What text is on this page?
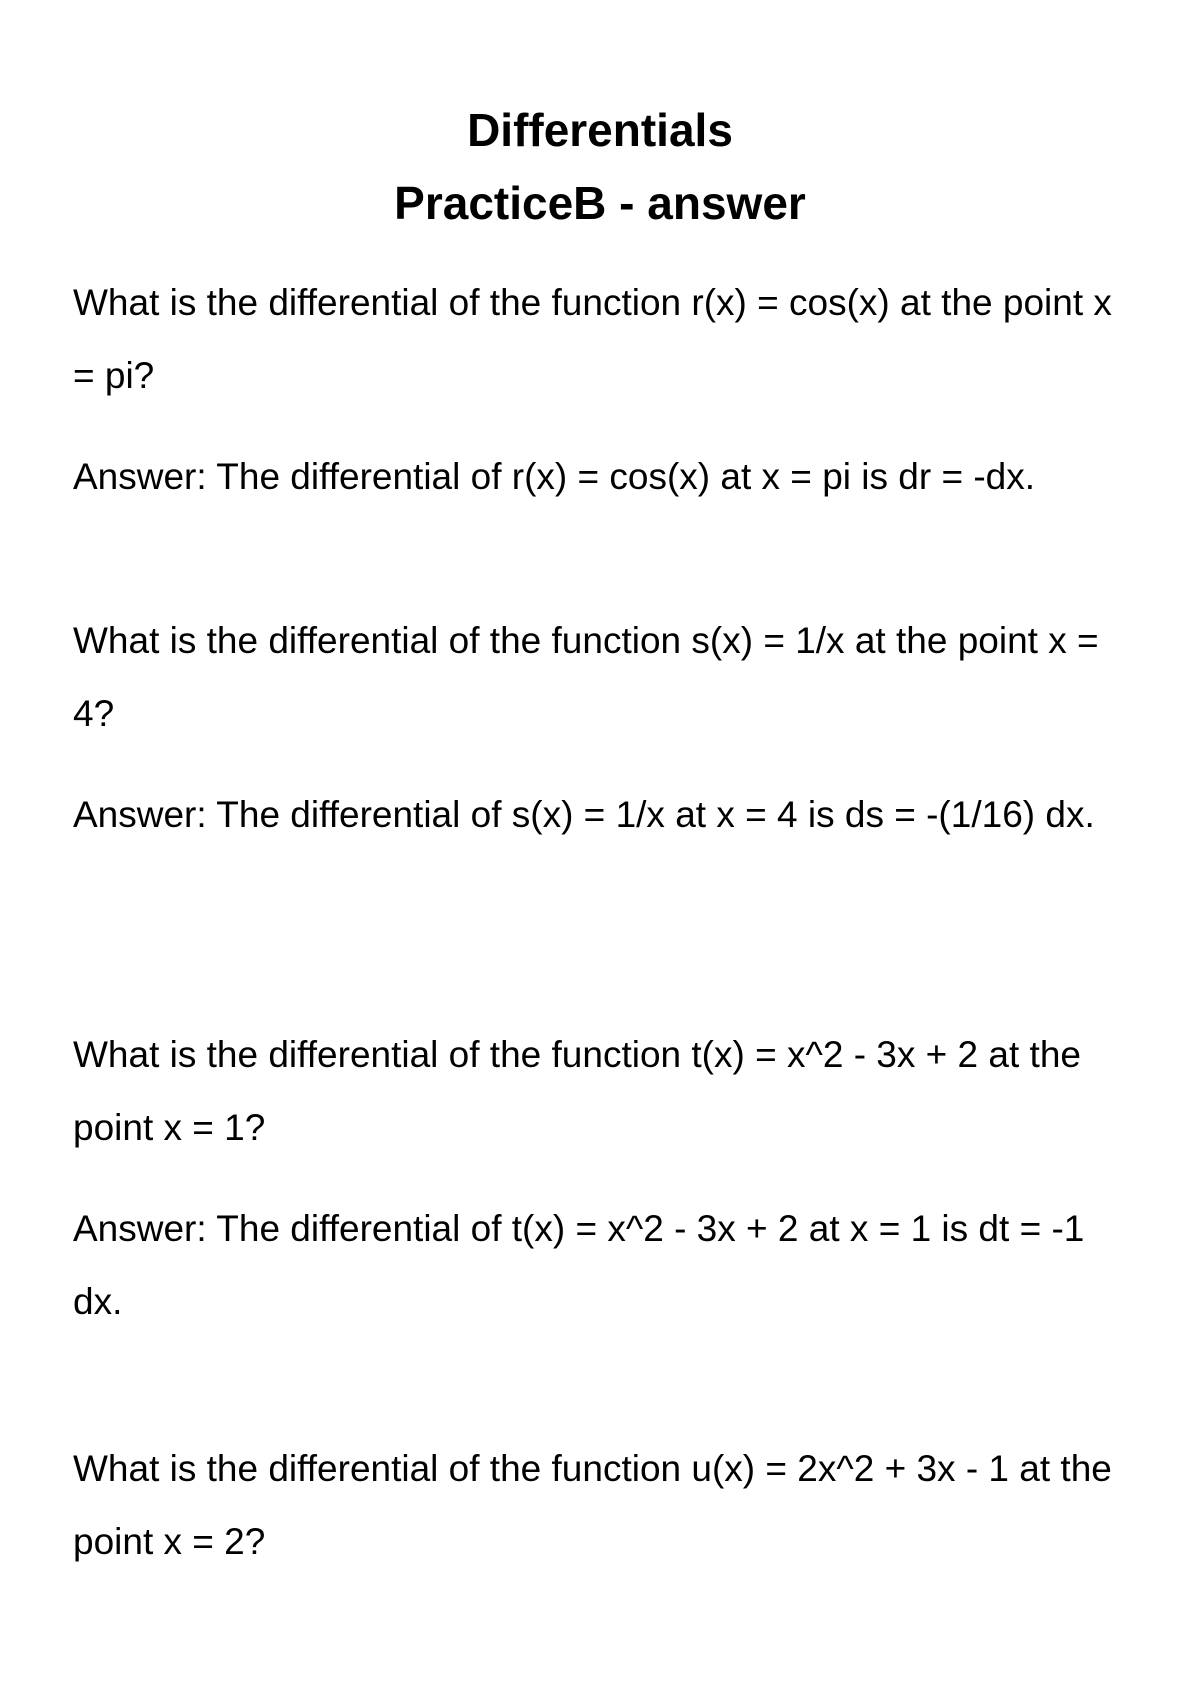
Differentials
PracticeB - answer

What is the differential of the function r(x) = cos(x) at the point x = pi?

Answer: The differential of r(x) = cos(x) at x = pi is dr = -dx.

What is the differential of the function s(x) = 1/x at the point x = 4?

Answer: The differential of s(x) = 1/x at x = 4 is ds = -(1/16) dx.

What is the differential of the function t(x) = x^2 - 3x + 2 at the point x = 1?

Answer: The differential of t(x) = x^2 - 3x + 2 at x = 1 is dt = -1 dx.

What is the differential of the function u(x) = 2x^2 + 3x - 1 at the point x = 2?
